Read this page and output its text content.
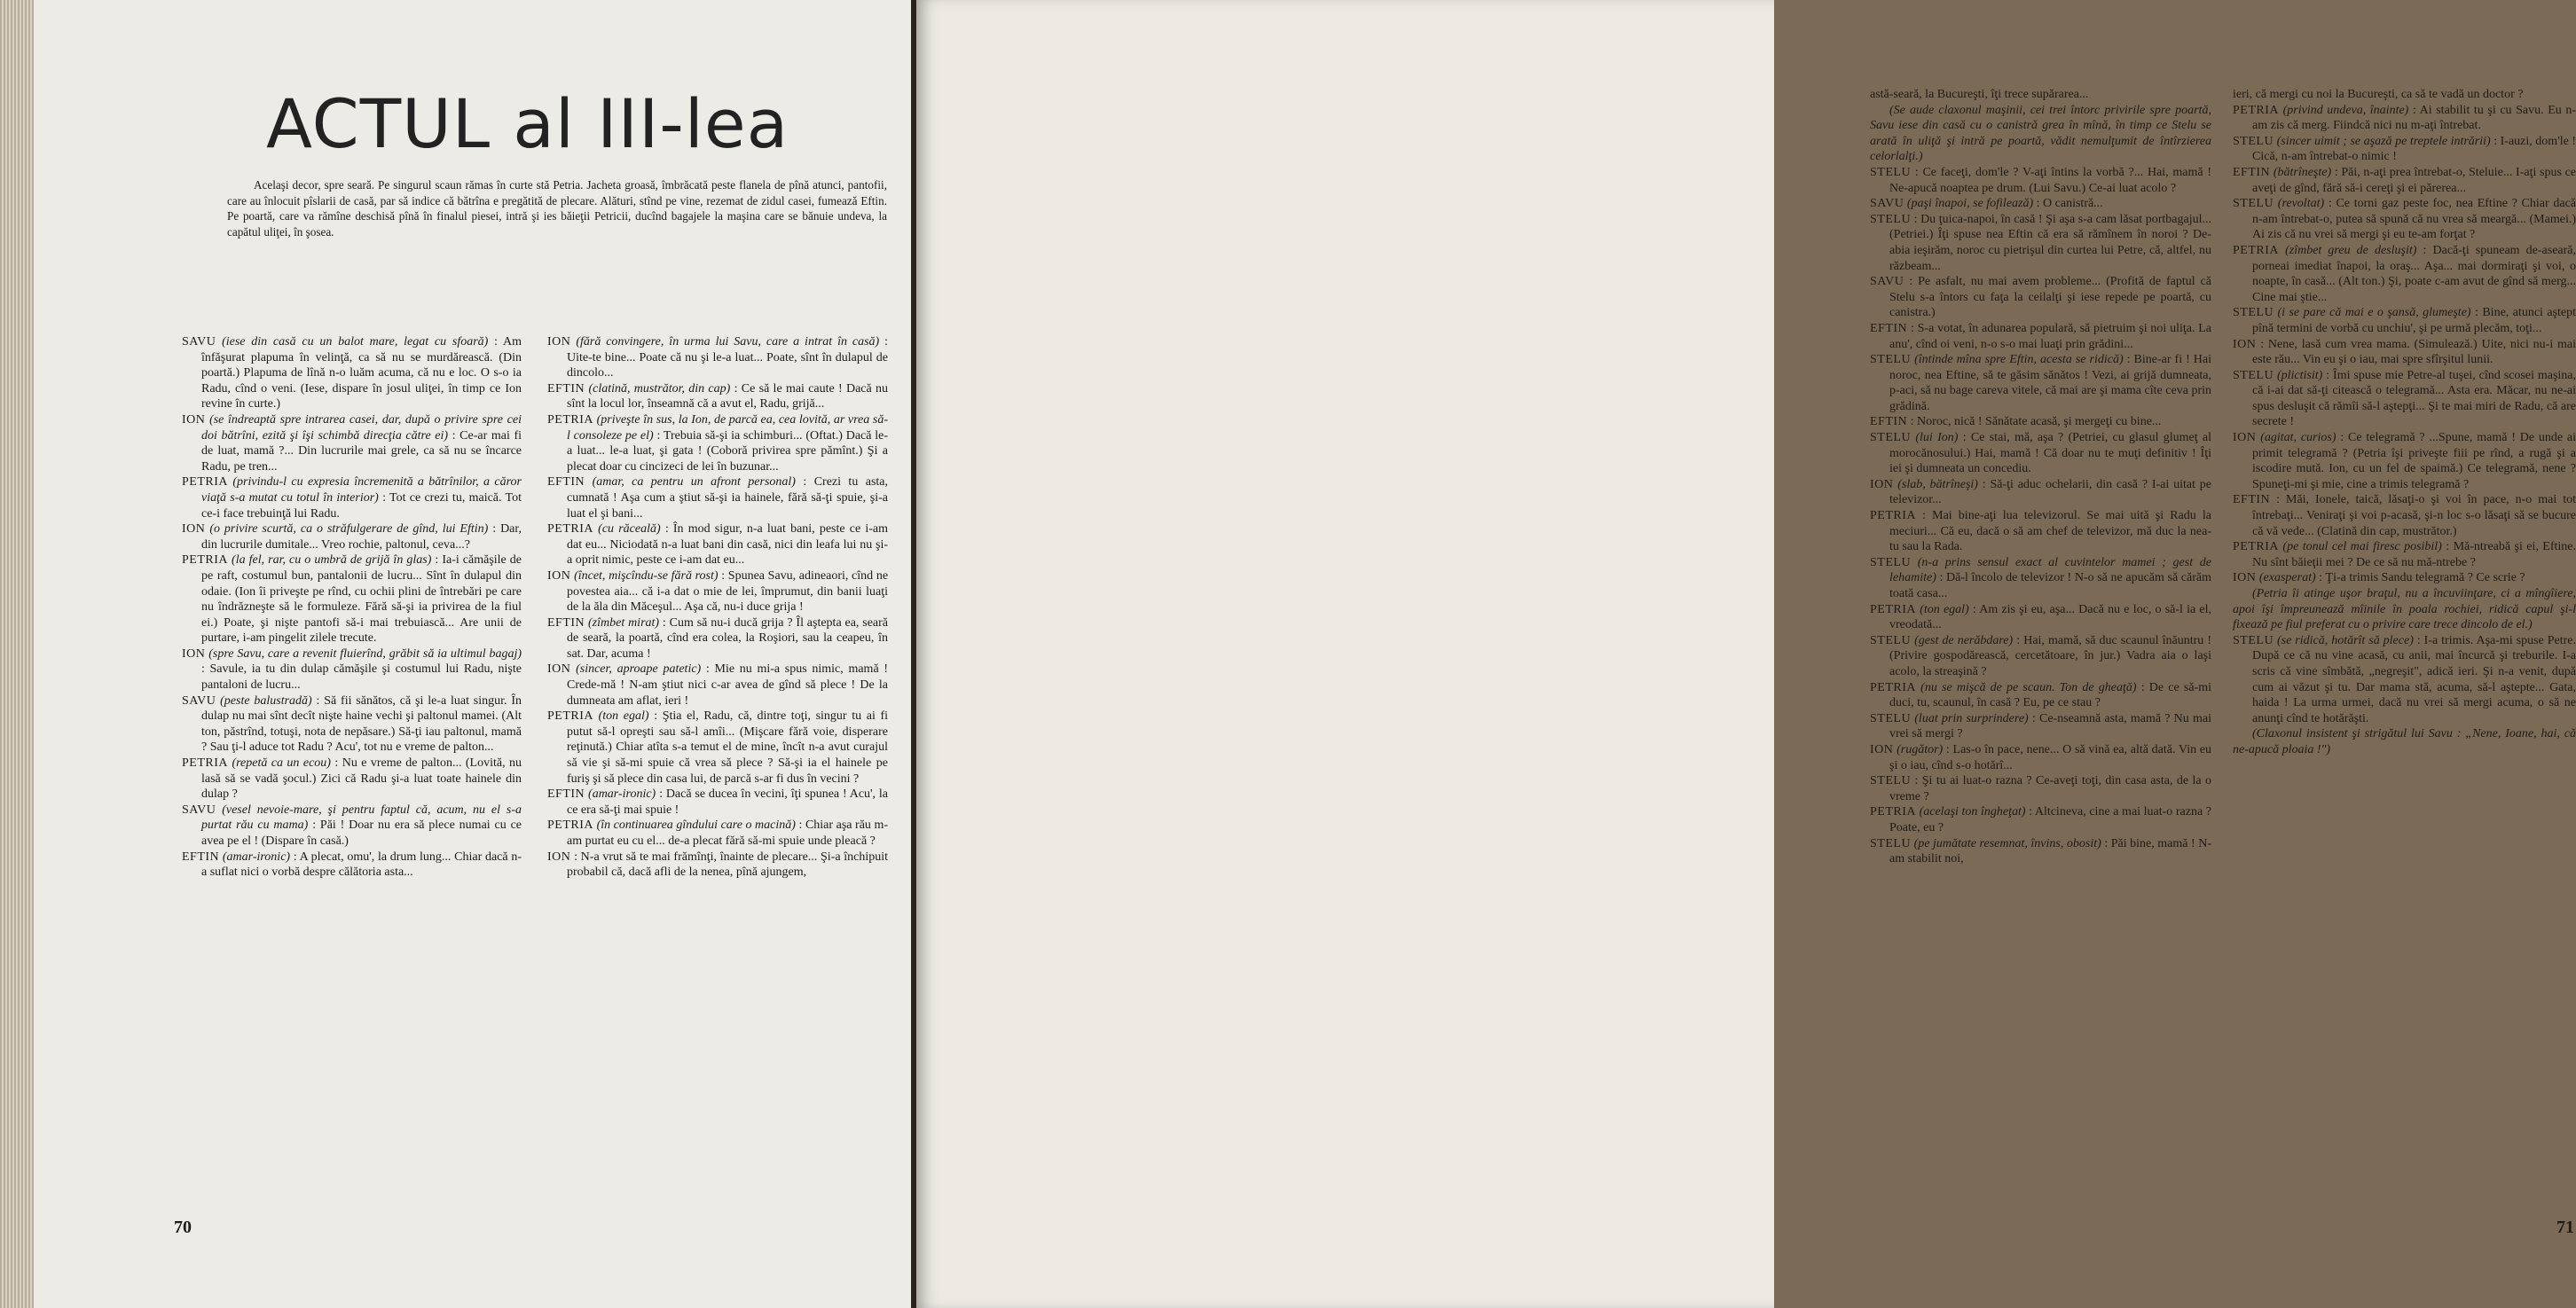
ACTUL al III-lea
Acelaşi decor, spre seară. Pe singurul scaun rămas în curte stă Petria. Jacheta groasă, îmbrăcată peste flanela de pînă atunci, pantofii, care au înlocuit pîslarii de casă, par să indice că bătrîna e pregătită de plecare. Alături, stînd pe vine, rezemat de zidul casei, fumează Eftin. Pe poartă, care va rămîne deschisă pînă în finalul piesei, intră şi ies băieţii Petricii, ducînd bagajele la maşina care se bănuie undeva, la capătul uliţei, în şosea.

SAVU (iese din casă cu un balot mare, legat cu sfoară) : Am înfăşurat plapuma în velinţă, ca să nu se murdărească. (Din poartă.) Plapuma de lînă n-o luăm acuma, că nu e loc. O s-o ia Radu, cînd o veni. (Iese, dispare în josul uliţei, în timp ce Ion revine în curte.)

ION (se îndreaptă spre intrarea casei, dar, după o privire spre cei doi bătrîni, ezită şi îşi schimbă direcţia către ei) : Ce-ar mai fi de luat, mamă ?... Din lucrurile mai grele, ca să nu se încarce Radu, pe tren...

PETRIA (privindu-l cu expresia încremenită a bătrînilor, a căror viaţă s-a mutat cu totul în interior) : Tot ce crezi tu, maică. Tot ce-i face trebuinţă lui Radu.

ION (o privire scurtă, ca o străfulgerare de gînd, lui Eftin) : Dar, din lucrurile dumitale... Vreo rochie, paltonul, ceva...?

PETRIA (la fel, rar, cu o umbră de grijă în glas) : Ia-i cămăşile de pe raft, costumul bun, pantalonii de lucru... Sînt în dulapul din odaie. (Ion îi priveşte pe rînd, cu ochii plini de întrebări pe care nu îndrăzneşte să le formuleze. Fără să-şi ia privirea de la fiul ei.) Poate, şi nişte pantofi să-i mai trebuiască... Are unii de purtare, i-am pingelit zilele trecute.

ION (spre Savu, care a revenit fluierînd, grăbit să ia ultimul bagaj) : Savule, ia tu din dulap cămăşile şi costumul lui Radu, nişte pantaloni de lucru...

SAVU (peste balustradă) : Să fii sănătos, că şi le-a luat singur. În dulap nu mai sînt decît nişte haine vechi şi paltonul mamei. (Alt ton, păstrînd, totuşi, nota de nepăsare.) Să-ţi iau paltonul, mamă ? Sau ţi-l aduce tot Radu ? Acu', tot nu e vreme de palton...

PETRIA (repetă ca un ecou) : Nu e vreme de palton... (Lovită, nu lasă să se vadă şocul.) Zici că Radu şi-a luat toate hainele din dulap ?

SAVU (vesel nevoie-mare, şi pentru faptul că, acum, nu el s-a purtat rău cu mama) : Păi ! Doar nu era să plece numai cu ce avea pe el ! (Dispare în casă.)

EFTIN (amar-ironic) : A plecat, omu', la drum lung... Chiar dacă n-a suflat nici o vorbă despre călătoria asta...

ION (fără convingere, în urma lui Savu, care a intrat în casă) : Uite-te bine... Poate că nu şi le-a luat... Poate, sînt în dulapul de dincolo...

EFTIN (clatină, mustrător, din cap) : Ce să le mai caute ! Dacă nu sînt la locul lor, înseamnă că a avut el, Radu, grijă...

PETRIA (priveşte în sus, la Ion, de parcă ea, cea lovită, ar vrea să-l consoleze pe el) : Trebuia să-şi ia schimburi... (Oftat.) Dacă le-a luat... le-a luat, şi gata ! (Coboră privirea spre pămînt.) Şi a plecat doar cu cincizeci de lei în buzunar...

EFTIN (amar, ca pentru un afront personal) : Crezi tu asta, cumnată ! Aşa cum a ştiut să-şi ia hainele, fără să-ţi spuie, şi-a luat el şi bani...

PETRIA (cu răceală) : În mod sigur, n-a luat bani, peste ce i-am dat eu... Niciodată n-a luat bani din casă, nici din leafa lui nu şi-a oprit nimic, peste ce i-am dat eu...

ION (încet, mişcîndu-se fără rost) : Spunea Savu, adineaori, cînd ne povestea aia... că i-a dat o mie de lei, împrumut, din banii luaţi de la ăla din Măceşul... Aşa că, nu-i duce grija !

EFTIN (zîmbet mirat) : Cum să nu-i ducă grija ? Îl aştepta ea, seară de seară, la poartă, cînd era colea, la Roşiori, sau la ceapeu, în sat. Dar, acuma !

ION (sincer, aproape patetic) : Mie nu mi-a spus nimic, mamă ! Crede-mă ! N-am ştiut nici c-ar avea de gînd să plece ! De la dumneata am aflat, ieri !

PETRIA (ton egal) : Ştia el, Radu, că, dintre toţi, singur tu ai fi putut să-l opreşti sau să-l amîi... (Mişcare fără voie, disperare reţinută.) Chiar atîta s-a temut el de mine, încît n-a avut curajul să vie şi să-mi spuie că vrea să plece ? Să-şi ia el hainele pe furiş şi să plece din casa lui, de parcă s-ar fi dus în vecini ?

EFTIN (amar-ironic) : Dacă se ducea în vecini, îţi spunea ! Acu', la ce era să-ţi mai spuie !

PETRIA (în continuarea gîndului care o macină) : Chiar aşa rău m-am purtat eu cu el... de-a plecat fără să-mi spuie unde pleacă ?

ION : N-a vrut să te mai frămînţi, înainte de plecare... Şi-a închipuit probabil că, dacă afli de la nenea, pînă ajungem,

70

astă-seară, la Bucureşti, îţi trece supărarea...

(Se aude claxonul maşinii, cei trei întorc privirile spre poartă, Savu iese din casă cu o canistră grea în mînă, în timp ce Stelu se arată în uliţă şi intră pe poartă, vădit nemulţumit de întîrzierea celorlalţi.)

STELU : Ce faceţi, dom'le ? V-aţi întins la vorbă ?... Hai, mamă ! Ne-apucă noaptea pe drum. (Lui Savu.) Ce-ai luat acolo ?

SAVU (paşi înapoi, se fofilează) : O canistră...

STELU : Du ţuica-napoi, în casă ! Şi aşa s-a cam lăsat portbagajul... (Petriei.) Îţi spuse nea Eftin că era să rămînem în noroi ? De-abia ieşirăm, noroc cu pietrişul din curtea lui Petre, că, altfel, nu răzbeam...

SAVU : Pe asfalt, nu mai avem probleme... (Profită de faptul că Stelu s-a întors cu faţa la ceilalţi şi iese repede pe poartă, cu canistra.)

EFTIN : S-a votat, în adunarea populară, să pietruim şi noi uliţa. La anu', cînd oi veni, n-o s-o mai luaţi prin grădini...

STELU (întinde mîna spre Eftin, acesta se ridică) : Bine-ar fi ! Hai noroc, nea Eftine, să te găsim sănătos ! Vezi, ai grijă dumneata, p-aci, să nu bage careva vitele, că mai are şi mama cîte ceva prin grădină.

EFTIN : Noroc, nică ! Sănătate acasă, şi mergeţi cu bine...

STELU (lui Ion) : Ce stai, mă, aşa ? (Petriei, cu glasul glumeţ al morocănosului.) Hai, mamă ! Că doar nu te muţi definitiv ! Îţi iei şi dumneata un concediu.

ION (slab, bătrîneşi) : Să-ţi aduc ochelarii, din casă ? I-ai uitat pe televizor...

PETRIA : Mai bine-aţi lua televizorul. Se mai uită şi Radu la meciuri... Că eu, dacă o să am chef de televizor, mă duc la nea-tu sau la Rada.

STELU (n-a prins sensul exact al cuvintelor mamei ; gest de lehamite) : Dă-l încolo de televizor ! N-o să ne apucăm să cărăm toată casa...

PETRIA (ton egal) : Am zis şi eu, aşa... Dacă nu e loc, o să-l ia el, vreodată...

STELU (gest de nerăbdare) : Hai, mamă, să duc scaunul înăuntru ! (Privire gospodărească, cercetătoare, în jur.) Vadra aia o laşi acolo, la streaşină ?

PETRIA (nu se mişcă de pe scaun. Ton de gheaţă) : De ce să-mi duci, tu, scaunul, în casă ? Eu, pe ce stau ?

STELU (luat prin surprindere) : Ce-nseamnă asta, mamă ? Nu mai vrei să mergi ?

ION (rugător) : Las-o în pace, nene... O să vină ea, altă dată. Vin eu şi o iau, cînd s-o hotărî...

STELU : Şi tu ai luat-o razna ? Ce-aveţi toţi, din casa asta, de la o vreme ?

PETRIA (acelaşi ton îngheţat) : Altcineva, cine a mai luat-o razna ? Poate, eu ?

STELU (pe jumătate resemnat, învins, obosit) : Păi bine, mamă ! N-am stabilit noi,

ieri, că mergi cu noi la Bucureşti, ca să te vadă un doctor ?

PETRIA (privind undeva, înainte) : Ai stabilit tu şi cu Savu. Eu n-am zis că merg. Fiindcă nici nu m-aţi întrebat.

STELU (sincer uimit ; se aşază pe treptele intrării) : I-auzi, dom'le ! Cică, n-am întrebat-o nimic !

EFTIN (bătrîneşte) : Păi, n-aţi prea întrebat-o, Steluie... I-aţi spus ce aveţi de gînd, fără să-i cereţi şi ei părerea...

STELU (revoltat) : Ce torni gaz peste foc, nea Eftine ? Chiar dacă n-am întrebat-o, putea să spună că nu vrea să meargă... (Mamei.) Ai zis că nu vrei să mergi şi eu te-am forţat ?

PETRIA (zîmbet greu de desluşit) : Dacă-ţi spuneam de-aseară, porneai imediat înapoi, la oraş... Aşa... mai dormiraţi şi voi, o noapte, în casă... (Alt ton.) Şi, poate c-am avut de gînd să merg... Cine mai ştie...

STELU (i se pare că mai e o şansă, glumeşte) : Bine, atunci aştept pînă termini de vorbă cu unchiu', şi pe urmă plecăm, toţi...

ION : Nene, lasă cum vrea mama. (Simulează.) Uite, nici nu-i mai este rău... Vin eu şi o iau, mai spre sfîrşitul lunii.

STELU (plictisit) : Îmi spuse mie Petre-al tuşei, cînd scosei maşina, că i-ai dat să-ţi citească o telegramă... Asta era. Măcar, nu ne-ai spus desluşit că rămîi să-l aştepţi... Şi te mai miri de Radu, că are secrete !

ION (agitat, curios) : Ce telegramă ? ...Spune, mamă ! De unde ai primit telegramă ? (Petria îşi priveşte fiii pe rînd, a rugă şi a iscodire mută. Ion, cu un fel de spaimă.) Ce telegramă, nene ? Spuneţi-mi şi mie, cine a trimis telegramă ?

EFTIN : Măi, Ionele, taică, lăsaţi-o şi voi în pace, n-o mai tot întrebaţi... Veniraţi şi voi p-acasă, şi-n loc s-o lăsaţi să se bucure că vă vede... (Clatină din cap, mustrător.)

PETRIA (pe tonul cel mai firesc posibil) : Mă-ntreabă şi ei, Eftine. Nu sînt băieţii mei ? De ce să nu mă-ntrebe ?

ION (exasperat) : Ţi-a trimis Sandu telegramă ? Ce scrie ?

(Petria îi atinge uşor braţul, nu a încuviinţare, ci a mîngîiere, apoi îşi împreunează mîinile în poala rochiei, ridică capul şi-l fixează pe fiul preferat cu o privire care trece dincolo de el.)

STELU (se ridică, hotărît să plece) : I-a trimis. Aşa-mi spuse Petre. După ce că nu vine acasă, cu anii, mai încurcă şi treburile. I-a scris că vine sîmbătă, „negreşit", adică ieri. Şi n-a venit, după cum ai văzut şi tu. Dar mama stă, acuma, să-l aştepte... Gata, haida ! La urma urmei, dacă nu vrei să mergi acuma, o să ne anunţi cînd te hotărăşti.

(Claxonul insistent şi strigătul lui Savu : „Nene, Ioane, hai, că ne-apucă ploaia !")

71
